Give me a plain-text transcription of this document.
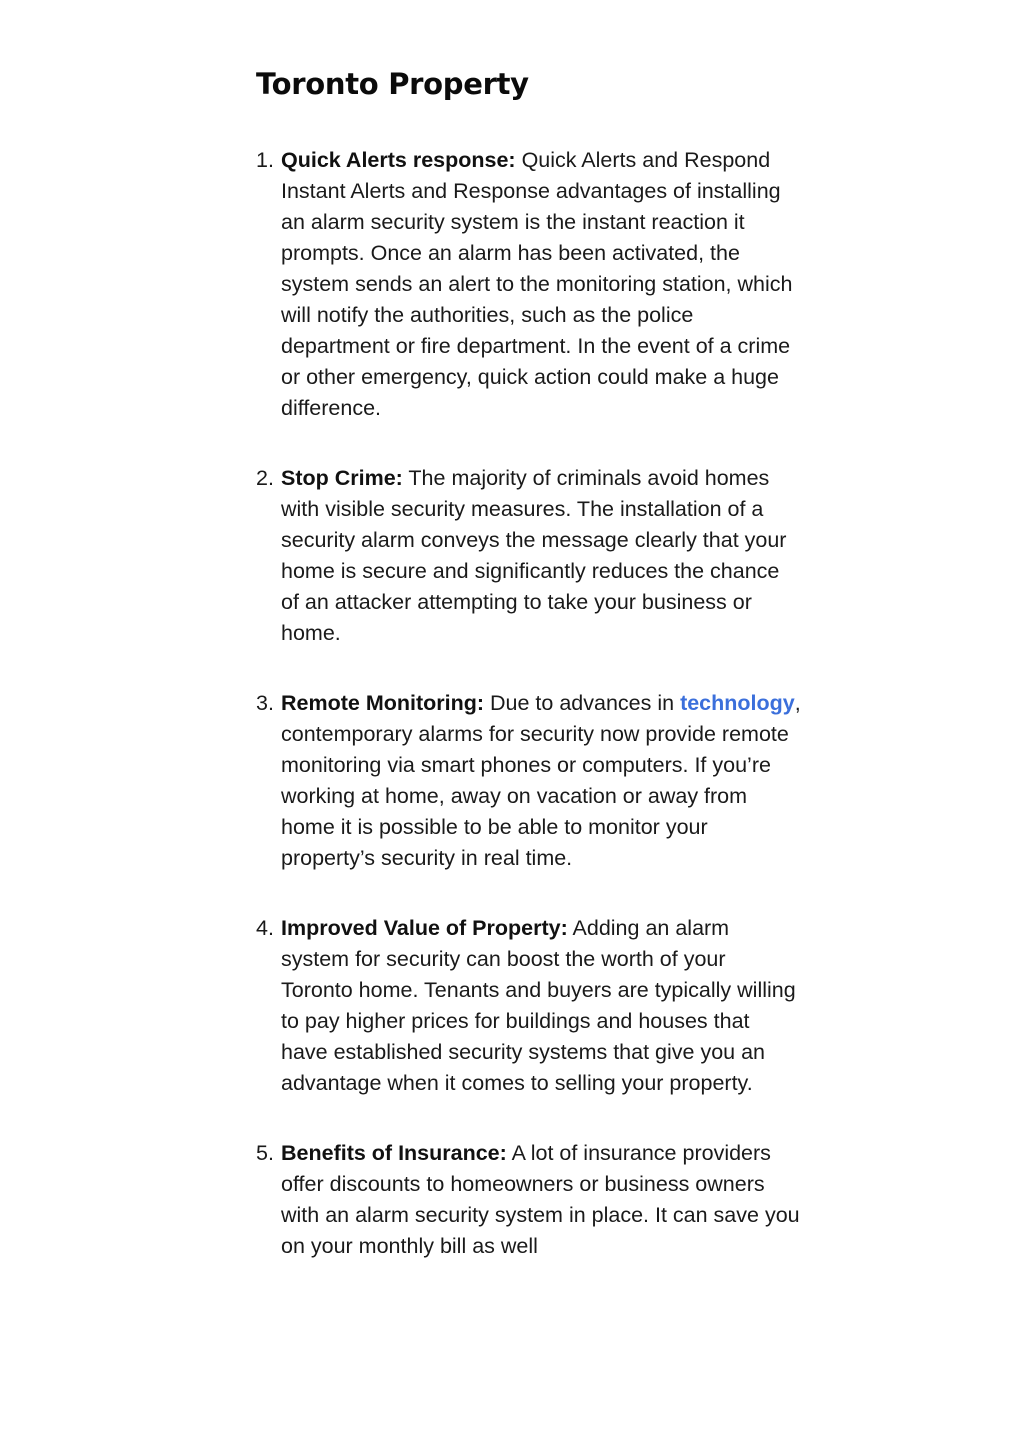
Toronto Property
1. Quick Alerts response: Quick Alerts and Respond Instant Alerts and Response advantages of installing an alarm security system is the instant reaction it prompts. Once an alarm has been activated, the system sends an alert to the monitoring station, which will notify the authorities, such as the police department or fire department. In the event of a crime or other emergency, quick action could make a huge difference.
2. Stop Crime: The majority of criminals avoid homes with visible security measures. The installation of a security alarm conveys the message clearly that your home is secure and significantly reduces the chance of an attacker attempting to take your business or home.
3. Remote Monitoring: Due to advances in technology, contemporary alarms for security now provide remote monitoring via smart phones or computers. If you’re working at home, away on vacation or away from home it is possible to be able to monitor your property’s security in real time.
4. Improved Value of Property: Adding an alarm system for security can boost the worth of your Toronto home. Tenants and buyers are typically willing to pay higher prices for buildings and houses that have established security systems that give you an advantage when it comes to selling your property.
5. Benefits of Insurance: A lot of insurance providers offer discounts to homeowners or business owners with an alarm security system in place. It can save you on your monthly bill as well
